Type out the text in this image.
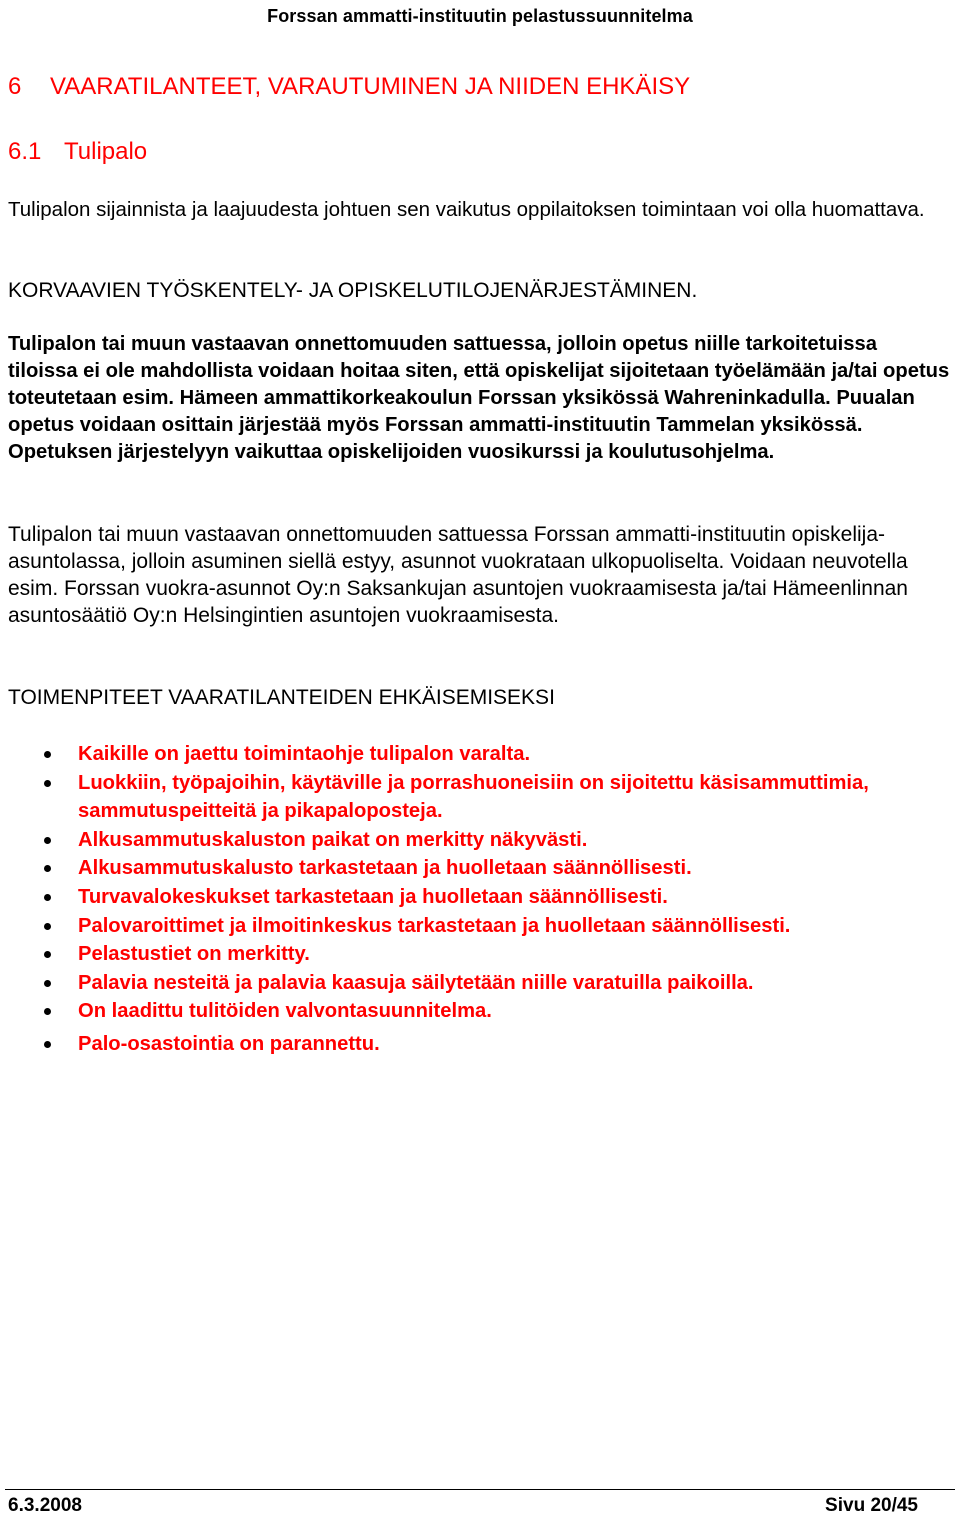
Forssan ammatti-instituutin pelastussuunnitelma
6 VAARATILANTEET, VARAUTUMINEN JA NIIDEN EHKÄISY
6.1 Tulipalo

Tulipalon sijainnista ja laajuudesta johtuen sen vaikutus oppilaitoksen toimintaan voi olla huomattava.

KORVAAVIEN TYÖSKENTELY- JA OPISKELUTILOJENÄRJESTÄMINEN.

Tulipalon tai muun vastaavan onnettomuuden sattuessa, jolloin opetus niille tarkoitetuissa tiloissa ei ole mahdollista voidaan hoitaa siten, että opiskelijat sijoitetaan työelämään ja/tai opetus toteutetaan esim. Hämeen ammattikorkeakoulun Forssan yksikössä Wahreninkadulla. Puualan opetus voidaan osittain järjestää myös Forssan ammatti-instituutin Tammelan yksikössä. Opetuksen järjestelyyn vaikuttaa opiskelijoiden vuosikurssi ja koulutusohjelma.

Tulipalon tai muun vastaavan onnettomuuden sattuessa Forssan ammatti-instituutin opiskelija-asuntolassa, jolloin asuminen siellä estyy, asunnot vuokrataan ulkopuoliselta. Voidaan neuvotella esim. Forssan vuokra-asunnot Oy:n Saksankujan asuntojen vuokraamisesta ja/tai Hämeenlinnan asuntosäätiö Oy:n Helsingintien asuntojen vuokraamisesta.

TOIMENPITEET VAARATILANTEIDEN EHKÄISEMISEKSI

Kaikille on jaettu toimintaohje tulipalon varalta.
Luokkiin, työpajoihin, käytäville ja porrashuoneisiin on sijoitettu käsisammuttimia, sammutuspeitteitä ja pikapaloposteja.
Alkusammutuskaluston paikat on merkitty näkyvästi.
Alkusammutuskalusto tarkastetaan ja huolletaan säännöllisesti.
Turvavalokeskukset tarkastetaan ja huolletaan säännöllisesti.
Palovaroittimet ja ilmoitinkeskus tarkastetaan ja huolletaan säännöllisesti.
Pelastustiet on merkitty.
Palavia nesteitä ja palavia kaasuja säilytetään niille varatuilla paikoilla.
On laadittu tulitöiden valvontasuunnitelma.
Palo-osastointia on parannettu.
6.3.2008	Sivu 20/45
